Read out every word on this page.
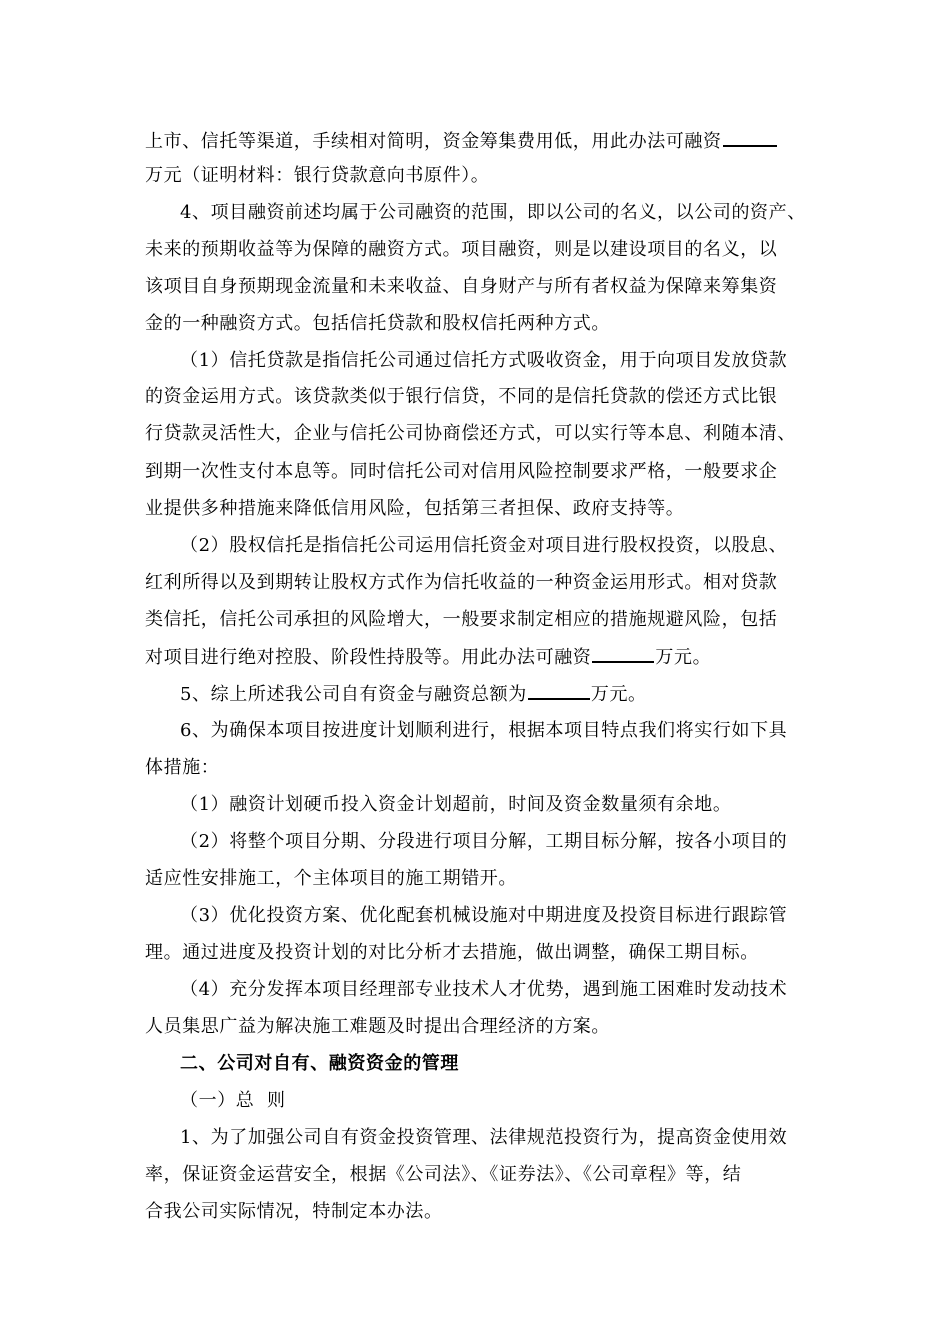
上市、信托等渠道，手续相对简明，资金筹集费用低，用此办法可融资
万元（证明材料：银行贷款意向书原件）。
4、项目融资前述均属于公司融资的范围，即以公司的名义，以公司的资产、
未来的预期收益等为保障的融资方式。项目融资，则是以建设项目的名义，以
该项目自身预期现金流量和未来收益、自身财产与所有者权益为保障来筹集资
金的一种融资方式。包括信托贷款和股权信托两种方式。
（1）信托贷款是指信托公司通过信托方式吸收资金，用于向项目发放贷款
的资金运用方式。该贷款类似于银行信贷，不同的是信托贷款的偿还方式比银
行贷款灵活性大，企业与信托公司协商偿还方式，可以实行等本息、利随本清、
到期一次性支付本息等。同时信托公司对信用风险控制要求严格，一般要求企
业提供多种措施来降低信用风险，包括第三者担保、政府支持等。
（2）股权信托是指信托公司运用信托资金对项目进行股权投资，以股息、
红利所得以及到期转让股权方式作为信托收益的一种资金运用形式。相对贷款
类信托，信托公司承担的风险增大，一般要求制定相应的措施规避风险，包括
对项目进行绝对控股、阶段性持股等。用此办法可融资	万元。
5、综上所述我公司自有资金与融资总额为	万元。
6、为确保本项目按进度计划顺利进行，根据本项目特点我们将实行如下具
体措施：
（1）融资计划硬币投入资金计划超前，时间及资金数量须有余地。
（2）将整个项目分期、分段进行项目分解，工期目标分解，按各小项目的
适应性安排施工，个主体项目的施工期错开。
（3）优化投资方案、优化配套机械设施对中期进度及投资目标进行跟踪管
理。通过进度及投资计划的对比分析才去措施，做出调整，确保工期目标。
（4）充分发挥本项目经理部专业技术人才优势，遇到施工困难时发动技术
人员集思广益为解决施工难题及时提出合理经济的方案。
二、公司对自有、融资资金的管理
（一）总  则
1、为了加强公司自有资金投资管理、法律规范投资行为，提高资金使用效
率，保证资金运营安全，根据《公司法》、《证券法》、《公司章程》等，结
合我公司实际情况，特制定本办法。
